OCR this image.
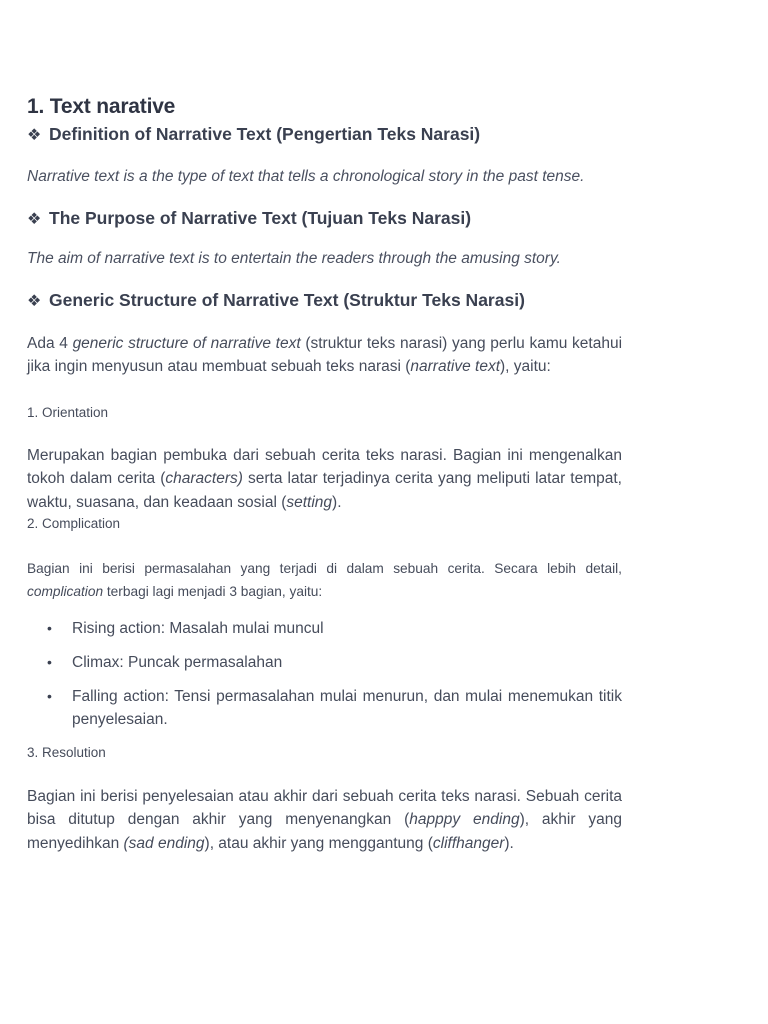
1. Text narative
❖ Definition of Narrative Text (Pengertian Teks Narasi)
Narrative text is a the type of text that tells a chronological story in the past tense.
❖ The Purpose of Narrative Text (Tujuan Teks Narasi)
The aim of narrative text is to entertain the readers through the amusing story.
❖ Generic Structure of Narrative Text (Struktur Teks Narasi)
Ada 4 generic structure of narrative text (struktur teks narasi) yang perlu kamu ketahui jika ingin menyusun atau membuat sebuah teks narasi (narrative text), yaitu:
1. Orientation
Merupakan bagian pembuka dari sebuah cerita teks narasi. Bagian ini mengenalkan tokoh dalam cerita (characters) serta latar terjadinya cerita yang meliputi latar tempat, waktu, suasana, dan keadaan sosial (setting).
2. Complication
Bagian ini berisi permasalahan yang terjadi di dalam sebuah cerita. Secara lebih detail, complication terbagi lagi menjadi 3 bagian, yaitu:
• Rising action: Masalah mulai muncul
• Climax: Puncak permasalahan
• Falling action: Tensi permasalahan mulai menurun, dan mulai menemukan titik penyelesaian.
3. Resolution
Bagian ini berisi penyelesaian atau akhir dari sebuah cerita teks narasi. Sebuah cerita bisa ditutup dengan akhir yang menyenangkan (happpy ending), akhir yang menyedihkan (sad ending), atau akhir yang menggantung (cliffhanger).
